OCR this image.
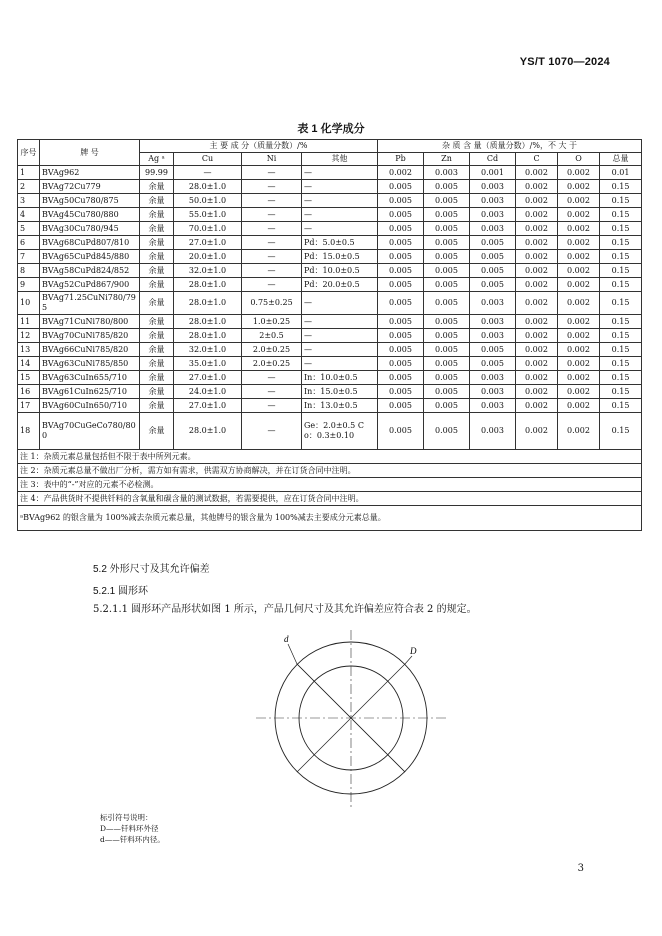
YS/T 1070—2024
表 1 化学成分
序号	牌 号	主 要 成 分（质量分数）/%				杂 质 含 量（质量分数）/%，不 大 于					
		Ag ᵃ	Cu	Ni	其他	Pb	Zn	Cd	C	O	总量
1	BVAg962	99.99	—	—	—	0.002	0.003	0.001	0.002	0.002	0.01
2	BVAg72Cu779	余量	28.0±1.0	—	—	0.005	0.005	0.003	0.002	0.002	0.15
3	BVAg50Cu780/875	余量	50.0±1.0	—	—	0.005	0.005	0.003	0.002	0.002	0.15
4	BVAg45Cu780/880	余量	55.0±1.0	—	—	0.005	0.005	0.003	0.002	0.002	0.15
5	BVAg30Cu780/945	余量	70.0±1.0	—	—	0.005	0.005	0.003	0.002	0.002	0.15
6	BVAg68CuPd807/810	余量	27.0±1.0	—	Pd：5.0±0.5	0.005	0.005	0.005	0.002	0.002	0.15
7	BVAg65CuPd845/880	余量	20.0±1.0	—	Pd：15.0±0.5	0.005	0.005	0.005	0.002	0.002	0.15
8	BVAg58CuPd824/852	余量	32.0±1.0	—	Pd：10.0±0.5	0.005	0.005	0.005	0.002	0.002	0.15
9	BVAg52CuPd867/900	余量	28.0±1.0	—	Pd：20.0±0.5	0.005	0.005	0.005	0.002	0.002	0.15
10	BVAg71.25CuNi780/795	余量	28.0±1.0	0.75±0.25	—	0.005	0.005	0.003	0.002	0.002	0.15
11	BVAg71CuNi780/800	余量	28.0±1.0	1.0±0.25	—	0.005	0.005	0.003	0.002	0.002	0.15
12	BVAg70CuNi785/820	余量	28.0±1.0	2±0.5	—	0.005	0.005	0.003	0.002	0.002	0.15
13	BVAg66CuNi785/820	余量	32.0±1.0	2.0±0.25	—	0.005	0.005	0.005	0.002	0.002	0.15
14	BVAg63CuNi785/850	余量	35.0±1.0	2.0±0.25	—	0.005	0.005	0.005	0.002	0.002	0.15
15	BVAg63CuIn655/710	余量	27.0±1.0	—	In：10.0±0.5	0.005	0.005	0.003	0.002	0.002	0.15
16	BVAg61CuIn625/710	余量	24.0±1.0	—	In：15.0±0.5	0.005	0.005	0.003	0.002	0.002	0.15
17	BVAg60CuIn650/710	余量	27.0±1.0	—	In：13.0±0.5	0.005	0.005	0.003	0.002	0.002	0.15
18	BVAg70CuGeCo780/800	余量	28.0±1.0	—	Ge：2.0±0.5 Co：0.3±0.10	0.005	0.005	0.003	0.002	0.002	0.15
注 1：杂质元素总量包括但不限于表中所列元素。											
注 2：杂质元素总量不做出厂分析，需方如有需求，供需双方协商解决，并在订货合同中注明。											
注 3：表中的“-”对应的元素不必检测。											
注 4：产品供货时不提供钎料的含氧量和碳含量的测试数据，若需要提供，应在订货合同中注明。											
ᵃBVAg962 的银含量为 100%减去杂质元素总量，其他牌号的银含量为 100%减去主要成分元素总量。											
5.2 外形尺寸及其允许偏差
5.2.1 圆形环
5.2.1.1 圆形环产品形状如图 1 所示，产品几何尺寸及其允许偏差应符合表 2 的规定。
d
D
标引符号说明：
D——钎料环外径
d——钎料环内径。
3
